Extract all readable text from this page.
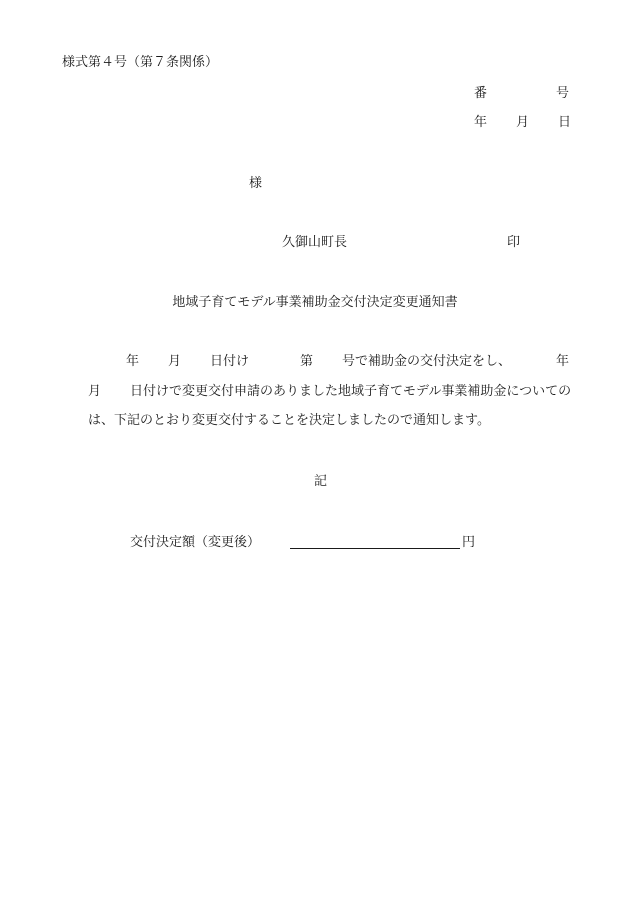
様式第４号（第７条関係）
番	号
年 月 日
様
久御山町長	印
地域子育てモデル事業補助金交付決定変更通知書
年 月 日付け	第 号で補助金の交付決定をし、	年
月 日付けで変更交付申請のありました地域子育てモデル事業補助金についての
は、下記のとおり変更交付することを決定しましたので通知します。
記
交付決定額（変更後）	円
